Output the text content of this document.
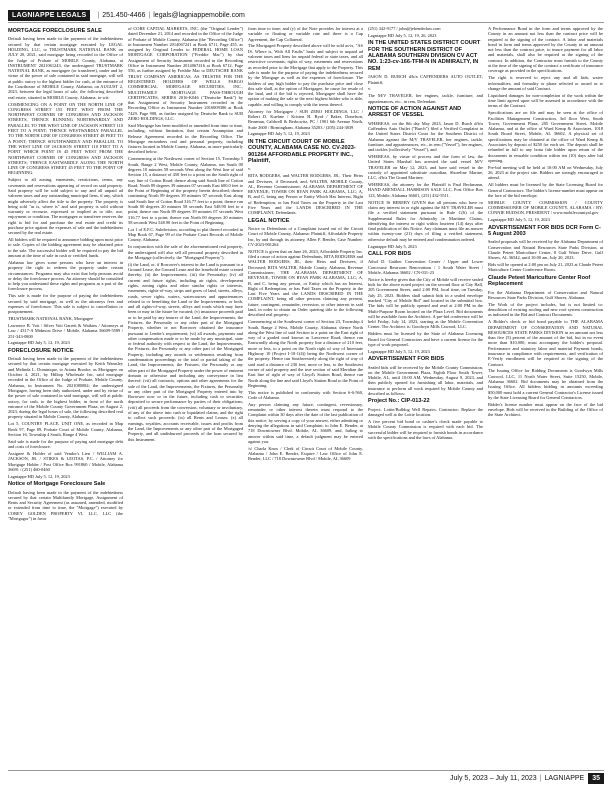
LAGNIAPPE LEGALS	| 251.450-4466 | legals@lagniappemobile.com
MORTGAGE FORECLOSURE SALE

Default having been made in the payment of the indebtedness secured by that certain mortgage executed by LEGAL HOLDING, LLC, to TRUSTMARK NATIONAL BANK on JULY 20, 2021, said mortgage being recorded in the Office of the Judge of Probate of MOBILE County, Alabama, at INSTRUMENT 2021061243, the undersigned TRUSTMARK NATIONAL BANK, as mortgagee (or transferee), under and by virtue of the power of sale contained in said mortgage, will sell at public outcry to the highest bidder for cash, at the entrance of the Courthouse of MOBILE County, Alabama, on AUGUST 2, 2023, between the legal hours of sale, the following described real estate, situated in MOBILE County, Alabama, to-wit:

COMMENCING ON A POINT ON THE NORTH LINE OF CONGRESS STREET 155 FEET WEST FROM THE NORTHWEST CORNER OF CONGRESS AND JACKSON STREETS, THENCE RUNNING NORTHWARDLY AND PARALLEL TO THE WEST LINE OF JACKSON STREET 110 FEET TO A POINT; THENCE WESTWARDLY PARALLEL TO THE NORTH LINE OF CONGRESS STREET 48 FEET TO A POINT; THENCE SOUTHWARDLY AND PARALLEL TO THE WEST LINE OF JACKSON STREET 110 FEET TO A POINT WHICH POINT IS 45 FEET WEST FROM THE NORTHWEST CORNER OF CONGRESS AND JACKSON STREETS; THENCE EASTWARDLY ALONG THE NORTH LINE OF CONGRESS STREET 45 FEET TO THE POINT OF BEGINNING.

Subject to all zoning, easements, restrictions, terms, any covenants and reservations appearing of record on said property. Said property will be sold subject to any and all unpaid ad valorem taxes and any outstanding municipal liens, if any, which might adversely affect the title to the property. The property is being sold "as is, where is" and said property is sold without warranty or recourse, expressed or implied as to title, use, enjoyment or condition. The mortgagee or transferee reserves the right to bid for and purchase the real estate and credit its purchase price against the expenses of sale and the indebtedness secured by the real estate.

All bidders will be required to announce bidding upon most prior to sale. Copies of the bidding agreement may be obtained prior to the sale. The successful bidder will be required to pay the bid amount at the time of sale in cash or certified funds.

Alabama law gives some persons who have an interest in property the right to redeem the property under certain circumstances. Programs may also exist that help persons avoid or delay the foreclosure process. An attorney should be consulted to help you understand these rights and programs as a part of the foreclosure process.

This sale is made for the purpose of paying the indebtedness secured by said mortgage, as well as the attorneys fees and expenses of foreclosure. This sale is subject to cancellation or postponement.

TRUSTMARK NATIONAL BANK, Mortgagee

Lawrence B. Voit / Silver Voit Garrett & Watkins / Attorneys at Law / 4317-A Midmost Drive / Mobile, Alabama 36609-5589 / 251-343-0800

Lagniappe HD July 5, 12, 19, 2023

FORECLOSURE NOTICE

Default having been made in the payment of the indebtedness secured by that certain mortgage executed by Keith Wamsley and Melinda L. Dominique, to Ariana Brooke, as Mortgagee on October 4, 2021, by Hilltop Wholesale Inc, said mortgage recorded in the Office of the Judge of Probate, Mobile County, Alabama, in Instrument No. 2021080084; the undersigned Mortgagee, having been duly authorized, under and by virtue of the power of sale contained in said mortgage, will sell at public outcry, for cash, to the highest bidder, in front of the north entrance of the Mobile County Government Plaza, on August 2, 2023, during the legal hours of sale, the following described real property situated in Mobile County, Alabama:

Lot 5, COUNTRY PLACE, UNIT ONE, as recorded in Map Book 97, Page 89, Probate Court of Mobile County, Alabama, Section 16, Township 4 South, Range 4 West.

Said sale is made for the purpose of paying said mortgage debt and costs of foreclosure.

Assignee & Holder of said Vendor's Lien / WILLIAM A. JACKSON, JR. / STIKES & LEOTAS, P.C. / Attorney for Mortgage Holder / Post Office Box 991860 / Mobile, Alabama 36691 / (251) 460-0460

Lagniappe HD July 5, 12, 19, 2023

Notice of Mortgage Foreclosure Sale

Default having been made in the payment of the indebtedness secured by that certain Multifamily Mortgage, Assignment of Rents and Security Agreement (as assumed, amended, modified or extended from time to time, the "Mortgage") executed by COREY GOLDEN PROPERTY VI, LLC, LLC (the "Mortgagor") in favor

of CORE CAPITAL MARKETS, INC. (the "Original Lender") dated December 21, 2014 and recorded in the Office of the Judge of Probate of Mobile County, Alabama (the "Recording Office") in Instrument Number 2014067241 at Book 6711, Page 455, as assigned by Original Lender to FEDERAL HOME LOAN MORTGAGE CORPORATION ("Freddie Mac") by that Assignment of Security Instrument recorded in the Recording Office in Instrument Number 2014067416 at Book 6712, Page 556, as further assigned by Freddie Mac to DEUTSCHE BANK TRUST COMPANY AMERICAS, AS TRUSTEE FOR THE REGISTERED HOLDERS OF WELLS FARGO COMMERCIAL MORTGAGE SECURITIES, INC., MULTIFAMILY MORTGAGE PASS-THROUGH CERTIFICATES, SERIES 2016-K046 ("Deutsche Bank") by that Assignment of Security Instrument recorded in the Recording Office as Instrument Number 2016009386 at Book 7429, Page 908, as further assigned by Deutsche Bank to SUB ZERO HOLDINGS, LLC.

Said Mortgage has been modified or amended from time to time, including, without limitation, that certain Assumption and Release Agreement recorded in the Recording Office. The Mortgage encumbers real and personal property, including fixtures located in Mobile County, Alabama, as more particularly described below.

Commencing at the Northwest corner of Section 15, Township 5 South, Range 2 West, Mobile County, Alabama, run South 00 degrees 10 minutes 58 seconds West along the West line of said Section 15, a distance of 450 feet to a point on the South right of way line of Cotton Road; thence along said South line of Cotton Road, North 89 degrees 39 minutes 07 seconds East 600.0 feet to the Point of Beginning of the property herein described; thence continuing North 89 degrees 39 minutes 07 seconds East along said South line of Cotton Road 316.77 feet to a point; thence run South 00 degrees 20 minutes 58 seconds East 548.90 feet to a point; thence run North 89 degrees 39 minutes 07 seconds West 316.77 feet to a point; thence run North 00 degrees 20 minutes 58 seconds West 548.90 feet to the Point of Beginning.

Lot 1 of E.F.C. Subdivision, according to plat thereof recorded in Map Book 67, Page 99 of the Probate Court Records of Mobile County, Alabama.

In conjunction with the sale of the aforementioned real property, the undersigned will also sell all personal property described in the Mortgage (collectively, the "Mortgaged Property").

(i) the Land, or, if Borrower's interest in the Land is pursuant to a Ground Lease, the Ground Lease and the leasehold estate created thereby; (ii) the Improvements; (iii) the Personalty; (iv) all current and future rights, including air rights, development rights, zoning rights and other similar rights or interests, easements, rights-of-way, strips and gores of land, streets, alleys, roads, sewer rights, waters, watercourses and appurtenances related to or benefiting the Land or the Improvements, or both, and all rights-of-way, streets, alleys and roads which may have been or may in the future be vacated; (v) insurance proceeds paid or to be paid by any insurer of the Land, the Improvements, the Fixtures, the Personalty or any other part of the Mortgaged Property, whether or not Borrower obtained the insurance pursuant to Lender's requirement; (vi) all awards, payments and other compensation made or to be made by any municipal, state or federal authority with respect to the Land, the Improvements, the Fixtures, the Personalty or any other part of the Mortgaged Property, including any awards or settlements resulting from condemnation proceedings or the total or partial taking of the Land, the Improvements, the Fixtures, the Personalty or any other part of the Mortgaged Property under the power of eminent domain or otherwise and including any conveyance in lieu thereof; (vii) all contracts, options and other agreements for the sale of the Land, the Improvements, the Fixtures, the Personalty or any other part of the Mortgaged Property entered into by Borrower now or in the future, including cash or securities deposited to secure performance by parties of their obligations; (viii) all proceeds from the conversion, voluntary or involuntary, of any of the above into cash or liquidated claims, and the right to collect such proceeds; (ix) all Rents and Leases; (x) all earnings, royalties, accounts receivable, issues and profits from the Land, the Improvements or any other part of the Mortgaged Property, and all undisbursed proceeds of the loan secured by this Instrument.

from time to time; and (y) of the Note provides for interest at a variable or floating or variable rate and there is a Cap Agreement, the Cap Collateral.

The Mortgaged Property described above will be sold as-is, "AS IS, Where is, With All Faults" basis and subject to unpaid ad valorem taxes and liens for unpaid federal or state taxes, and all restrictive covenants, rights of way, easements and reservations as recorded prior to the Mortgage that apply to the Property. This sale is made for the purpose of paying the indebtedness secured by the Mortgage as well as the expenses of foreclosure. The bidders of any high bidder to pay the purchase price and close this sale shall, at the option of Mortgagee, be cause for resale of the land, and if the bid is rejected, Mortgagee shall have the option of making the sale to the next highest bidder who is able, capable, and willing to comply with the terms thereof.

Attorney for Mortgagee / SUB ZERO HOLDINGS, LLC / Robert D. Kuehne / Kristen H. Byrd / Baker, Donelson, Bearman, Caldwell & Berkowitz, PC / 1901 6th Avenue North, Suite 2600 / Birmingham, Alabama 35203 / (205) 244-3839

Lagniappe HD July 5, 12, 19, 2023

IN THE CIRCUIT COURT OF MOBILE COUNTY, ALABAMA CASE NO. CV-2023-901264 AFFORDABLE PROPERTY INC., Plaintiff,

v.

RITA RODGERS, and WALTER RODGERS, JR., Their Heirs and Devisees, if Deceased; and, WALTER, MOBILE County, AL, Revenue Commissioner; ALABAMA DEPARTMENT OF REVENUE; TOWER ON RYAN PARK ALABAMA, LLC; A, B, and C, being any Person or Entity Which Has Interest, Right of Redemption, or has Paid Taxes on the Property in the Last Five Years and the LANDS DESCRIBED IN THE COMPLAINT, Defendants.

LEGAL NOTICE

Notice to Defendants of a Complaint issued out of the Circuit Court of Mobile County, Alabama: Plaintiff, Affordable Property Inc, by and through its attorney, Allen F. Bender, Case Number: CV-2023-901264

NOTICE is given that on June 26, 2023, Affordable Property Inc. filed a cause of action against Defendants, RITA RODGERS and WALTER RODGERS, JR., their Heirs and Devisees, if Deceased; RITA WALTER, Mobile County, Alabama, Revenue Commissioner; THE ALABAMA DEPARTMENT OF REVENUE; TOWER ON RYAN PARK ALABAMA, LLC; A, B, and C, being any person, or Entity which has an Interest, Right of Redemption, or has Paid Taxes on the Property in the Last Five Years and the LANDS DESCRIBED IN THE COMPLAINT, being all other persons claiming any present, future, contingent, remainder, reversion, or other interest in said land, in order to obtain an Order quieting title to the following described real property:

Commencing at the Southwest corner of Section 23, Township 4 South, Range 2 West, Mobile County, Alabama; thence North along the West line of said Section to a point on the East right of way of a graded road known as Lawrence Road; thence run Eastwardly along the North property line a distance of 210 feet, more or less, to a point on the North right of way of Interstate Highway 10 (Project I-10-1(4)) being the Northwest corner of the property. Hence run Southwesterly along the right of way of said road a distance of 230 feet, more or less, to the Southwest corner of said property and the true section of said Meridian the East line of right of way of Lloyd's Station Road, thence run North along the line and said Lloyd's Station Road to the Point of Beginning.

This notice is published in conformity with Section 6-6-560, Code of Alabama.

Any person claiming any future, contingent, reversionary, remainder or other interest therein must respond to the Complaint within 30 days after the date of the last publication of this notice, by serving a copy of your answer, either admitting or denying the allegations in said Complaint, to John E. Bender, at 718 Downtowner Blvd. Mobile, AL 36609, and, failing to answer within said time, a default judgment may be entered against you.

/s/ Charla Knox / Clerk of Circuit Court of Mobile County, Alabama / John E. Bender, Esquire / Law Office of John E. Bender, LLC / 718 Downtowner Blvd / Mobile, AL 36609

(251) 342-9177 / john@jebenderlaw.com

Lagniappe HD July 5, 12, 19, 26, 2023

IN THE UNITED STATES DISTRICT COURT FOR THE SOUTHERN DISTRICT OF ALABAMA SOUTHERN DIVISION CV ACT NO. 1:23-cv-166-TFM-N IN ADMIRALTY, IN REM

JASON D. BURCH d/b/a CAFFENDERS AUTO OUTLET, Plaintiff,

v.

The M/V TRAVELER, her engines, tackle, furniture, and appurtenances, etc., in rem, Defendant.

NOTICE OF ACTION AGAINST AND ARREST OF VESSEL

WHEREAS, on the 8th day May 2023, Jason D. Burch d/b/a Caffenders Auto Outlet ("Burch") filed a Verified Complaint in the United States District Court for the Southern District of Alabama against the M/V TRAVELER, her engines, tackle, furniture, and appurtenances, etc., in rem ("Vessel"), her engines, and tackles (collectively "Vessel"), and

WHEREAS, by virtue of process and due form of law, the United States Marshal has arrested the said vessel M/V TRAVELER on May 12, 2023, and have said vessel in the custody of appointed substitute custodian, Shoreline Marine, LLC, d/b/a The Grand Mariner;

WHEREAS, the attorney for the Plaintiff is Paul Beckmann, HAND ARENDALL HARRISON SALE LLC, Post Office Box 123, Mobile, Alabama 36601, (251) 432-5511.

NOTICE IS HEREBY GIVEN that all persons who have or claim any interest in or right against the M/V TRAVELER must file a verified statement pursuant to Rule C(6) of the Supplemental Rules for Admiralty or Maritime Claims, identifying the interest or right within fourteen (14) days after final publication of this Notice. Any claimant must file an answer within twenty-one (21) days of filing a verified statement, otherwise default may be entered and condemnation ordered.

Lagniappe HD July 5, 2023

CALL FOR BIDS

Athol D. Gaither Convention Center / Upper and Lower Concourse Restroom Renovations / 1 South Water Street / Mobile, Alabama 36602 / CN-031-23

Notice is hereby given that the City of Mobile will receive sealed bids for the above noted project on the second floor at City Hall, 205 Government Street, until 2:00 PM, local time, on Tuesday, July 25, 2023. Bidders shall submit bids in a sealed envelope marked "City of Mobile Bid" and located in the submittal box. The bids will be publicly opened and read at 2:00 PM in the Multi-Purpose Room located on the Plaza Level. Bid documents will be available from the Architect. A pre-bid conference will be held Friday, July 14, 2023, starting at the Mobile Convention Center. The Architect is: Goodwyn Mills Cawood, LLC.

Bidders must be licensed by the State of Alabama Licensing Board for General Contractors and have a current license for the type of work proposed.

Lagniappe HD July 5, 12, 19, 2023

ADVERTISEMENT FOR BIDS

Sealed bids will be received by the Mobile County Commission, on the Mobile Government Plaza, Eighth Floor South Tower, Mobile, AL, until 10:00 AM, Wednesday, August 9, 2023, and then publicly opened for furnishing all labor, materials, and insurance to perform all work required by Mobile County and described as follows:

Project No.: CIP-013-22

Project: Lottie/Bulldog Well Repairs. Contractor: Replace the damaged well at the Lottie location.

A five percent bid bond or cashier's check made payable to Mobile County Commission is required with each bid. The successful bidder will be required to furnish bonds in accordance with the specifications and the laws of Alabama.

A Performance Bond in the form and terms approved by the County in an amount not less than the contract price will be required at the signing of the contract. A labor and materials bond in form and terms approved by the County in an amount not less than the contract price, to insure payment for all labor and materials, shall also be required at the signing of the contract. In addition, the Contractor must furnish to the County at the time of the signing of the contract a certificate of insurance coverage as provided in the specifications.

The right is reserved to reject any and all bids, waive informalities, and formality or phase selected or award as to change the amount of said Contract.

Liquidated damages for non-completion of the work within the time limit agreed upon will be assessed in accordance with the terms of the Contract.

Specifications are on file and may be seen at the office of Facilities Management Construction, 3rd floor West, South Tower, Government Plaza, 205 Government Street, Mobile Alabama, and at the office of Ward Kemp & Associates, 1018 South Broad Street, Mobile, AL 36602. A physical set of specifications may be obtained at the office of Ward Kemp & Associates by deposit of $250 for each set. The deposit shall be refunded in full to any bona fide bidder upon return of the documents in reusable condition within ten (10) days after bid opening.

Pre-bid meeting will be held at 10:00 AM on Wednesday, July 26, 2023 at the project site. Bidders are strongly encouraged to attend.

All bidders must be licensed by the State Licensing Board for General Contractors. The bidder's license number must appear on the face of the bid envelope.

MOBILE COUNTY COMMISSION / COUNTY COMMISSIONER OF MOBILE COUNTY, ALABAMA / BY: CONNIE HUDSON, PRESIDENT / www.mobilecountyal.gov

Lagniappe HD July 5, 12, 19, 2023

ADVERTISEMENT FOR BIDS DCR Form C-5 August 2003

Sealed proposals will be received by the Alabama Department of Conservation and Natural Resources State Parks Division, at Claude Peteet Mariculture Center, 8 Gulf Water Drive, Gulf Shores, AL 36542, until 10:00 am, July 20, 2023.

Bids will be opened at 2:00 pm on July 21, 2023 at Claude Peteet Mariculture Center Conference Room.

Claude Peteet Mariculture Center Roof Replacement

For the Alabama Department of Conservation and Natural Resources State Parks Division, Gulf Shores, Alabama.

The Work of the project includes, but is not limited to: demolition of existing roofing and new roof system construction as indicated in the Bid and Contract Documents.

A Bidder's check or bid bond payable to THE ALABAMA DEPARTMENT OF CONSERVATION AND NATURAL RESOURCES STATE PARKS DIVISION in an amount not less than five (5) percent of the amount of the bid, but in no event more than $10,000, must accompany the bidder's proposal. Performance and statutory labor and material Payment bonds, insurance in compliance with requirements, and verification of E-Verify enrollment will be required at the signing of the Contract.

The Issuing Office for Bidding Documents is Goodwyn Mills Cawood, LLC, 11 North Water Street, Suite 15250, Mobile, Alabama 36602. Bid documents may be obtained from the Issuing Office. All bidders bidding in amounts exceeding $50,000 must hold a current General Contractor's License issued by the State Licensing Board for General Contractors.

Bidder's license number must appear on the face of the bid envelope. Bids will be received in the Building of the Office of the State Architect.

July 5, 2023 – July 11, 2023 | LAGNIAPPE	35
